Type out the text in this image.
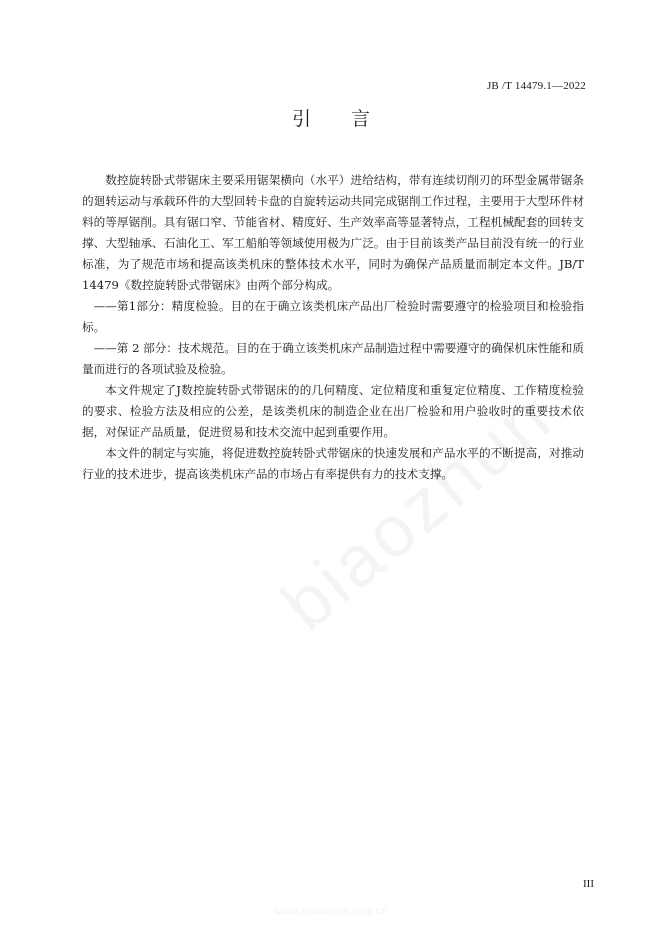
JB /T 14479.1—2022
引言

数控旋转卧式带锯床主要采用锯架横向（水平）进给结构，带有连续切削刃的环型金属带锯条的廻转运动与承载环件的大型回转卡盘的自旋转运动共同完成锯削工作过程，主要用于大型环件材料的等厚锯削。具有锯口窄、节能省材、精度好、生产效率高等显著特点，工程机械配套的回转支撑、大型轴承、石油化工、军工船舶等领域使用极为广泛。由于目前该类产品目前没有统一的行业标准，为了规范市场和提高该类机床的整体技术水平，同时为确保产品质量而制定本文件。JB/T 14479《数控旋转卧式带锯床》由两个部分构成。

——第1部分：精度检验。目的在于确立该类机床产品出厂检验时需要遵守的检验项目和检验指标。

——第 2 部分：技术规范。目的在于确立该类机床产品制造过程中需要遵守的确保机床性能和质量而进行的各项试验及检验。

本文件规定了J数控旋转卧式带锯床的的几何精度、定位精度和重复定位精度、工作精度检验的要求、检验方法及相应的公差，是该类机床的制造企业在出厂检验和用户验收时的重要技术依据，对保证产品质量，促进贸易和技术交流中起到重要作用。

本文件的制定与实施，将促进数控旋转卧式带锯床的快速发展和产品水平的不断提高，对推动行业的技术进步，提高该类机床产品的市场占有率提供有力的技术支撑。

III
www.biaozhun.org.cn
